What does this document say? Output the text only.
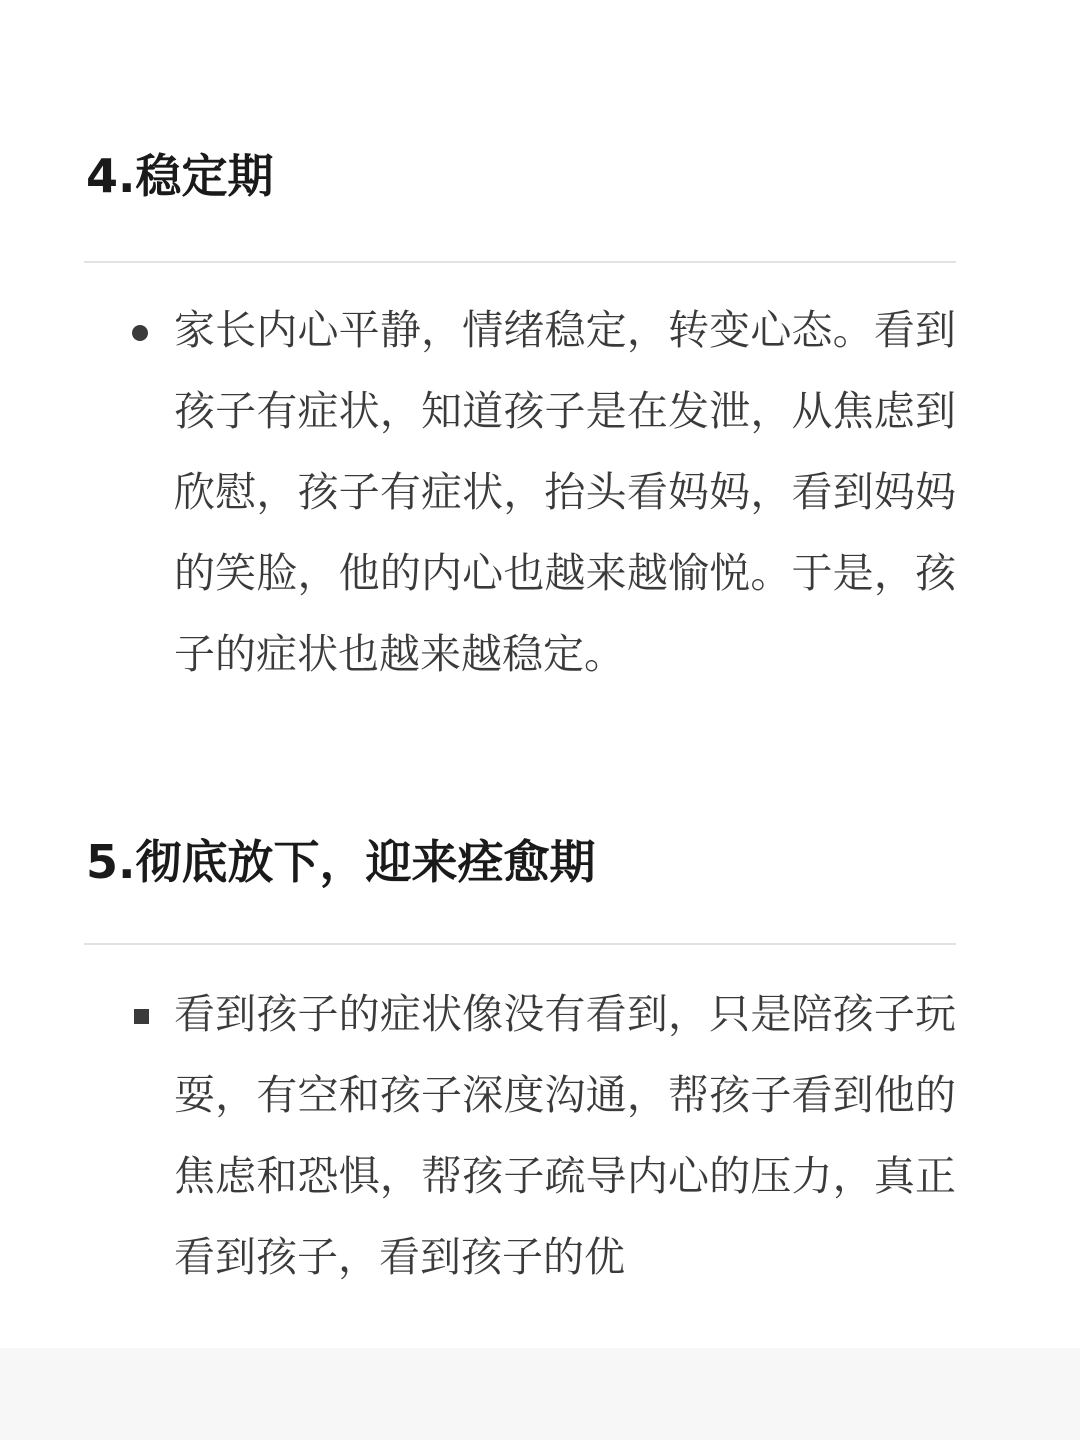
4.稳定期

家长内心平静，情绪稳定，转变心态。看到孩子有症状，知道孩子是在发泄，从焦虑到欣慰，孩子有症状，抬头看妈妈，看到妈妈的笑脸，他的内心也越来越愉悦。于是，孩子的症状也越来越稳定。

5.彻底放下，迎来痊愈期

看到孩子的症状像没有看到，只是陪孩子玩耍，有空和孩子深度沟通，帮孩子看到他的焦虑和恐惧，帮孩子疏导内心的压力，真正看到孩子，看到孩子的优
